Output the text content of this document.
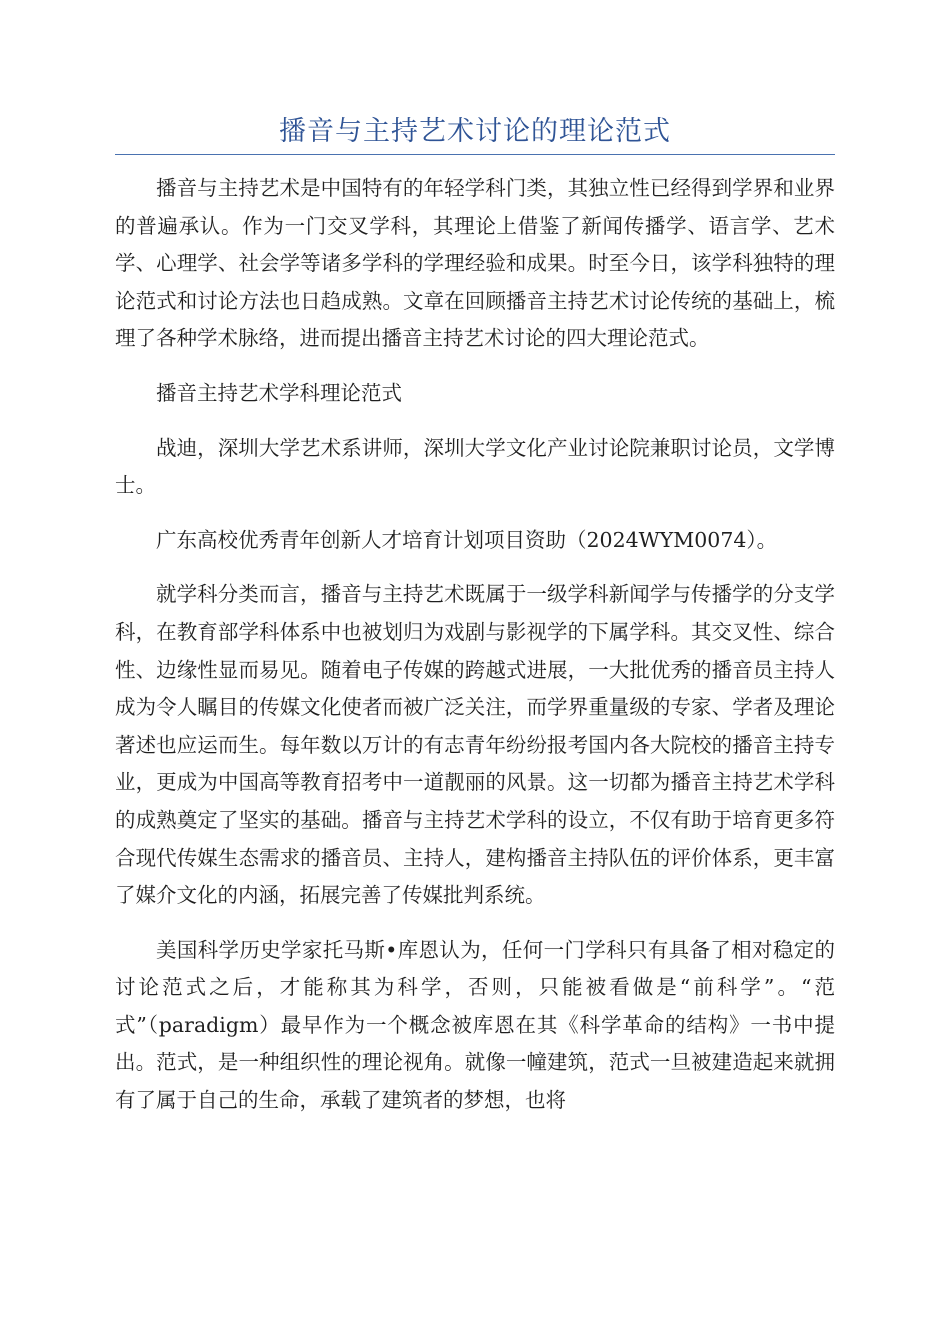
播音与主持艺术讨论的理论范式

播音与主持艺术是中国特有的年轻学科门类，其独立性已经得到学界和业界的普遍承认。作为一门交叉学科，其理论上借鉴了新闻传播学、语言学、艺术学、心理学、社会学等诸多学科的学理经验和成果。时至今日，该学科独特的理论范式和讨论方法也日趋成熟。文章在回顾播音主持艺术讨论传统的基础上，梳理了各种学术脉络，进而提出播音主持艺术讨论的四大理论范式。

播音主持艺术学科理论范式

战迪，深圳大学艺术系讲师，深圳大学文化产业讨论院兼职讨论员，文学博士。

广东高校优秀青年创新人才培育计划项目资助（2024WYM0074）。

就学科分类而言，播音与主持艺术既属于一级学科新闻学与传播学的分支学科，在教育部学科体系中也被划归为戏剧与影视学的下属学科。其交叉性、综合性、边缘性显而易见。随着电子传媒的跨越式进展，一大批优秀的播音员主持人成为令人瞩目的传媒文化使者而被广泛关注，而学界重量级的专家、学者及理论著述也应运而生。每年数以万计的有志青年纷纷报考国内各大院校的播音主持专业，更成为中国高等教育招考中一道靓丽的风景。这一切都为播音主持艺术学科的成熟奠定了坚实的基础。播音与主持艺术学科的设立，不仅有助于培育更多符合现代传媒生态需求的播音员、主持人，建构播音主持队伍的评价体系，更丰富了媒介文化的内涵，拓展完善了传媒批判系统。

美国科学历史学家托马斯•库恩认为，任何一门学科只有具备了相对稳定的讨论范式之后，才能称其为科学，否则，只能被看做是“前科学”。“范式”（paradigm）最早作为一个概念被库恩在其《科学革命的结构》一书中提出。范式，是一种组织性的理论视角。就像一幢建筑，范式一旦被建造起来就拥有了属于自己的生命，承载了建筑者的梦想，也将
